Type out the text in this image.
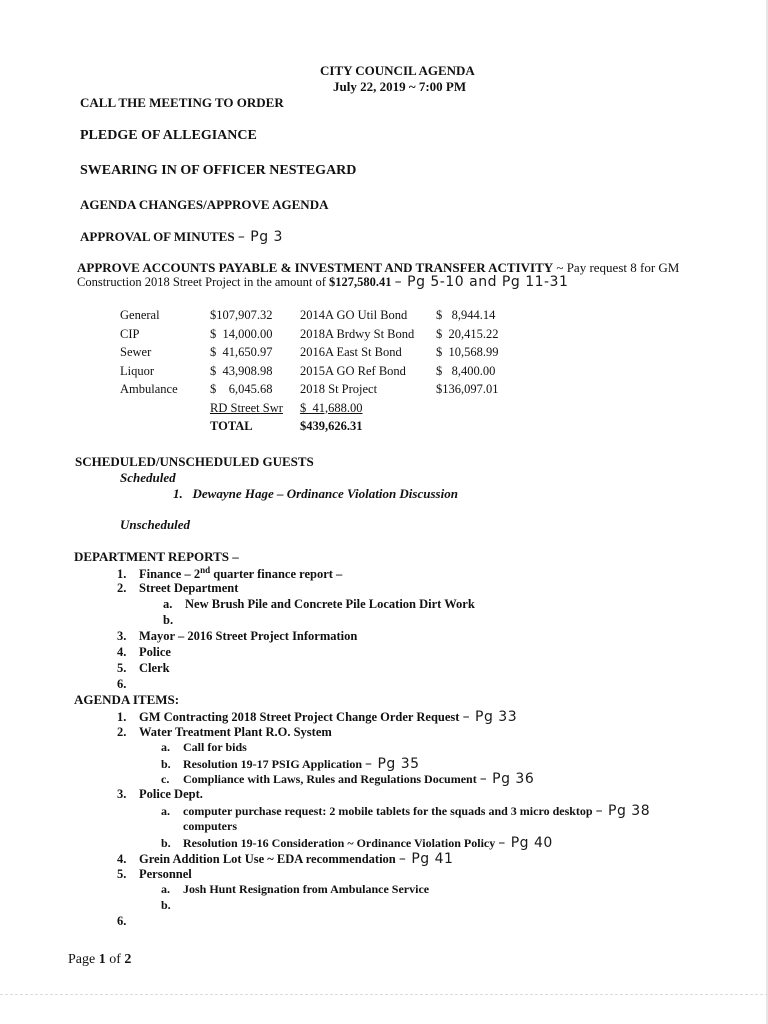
CITY COUNCIL AGENDA
July 22, 2019 ~ 7:00 PM
CALL THE MEETING TO ORDER
PLEDGE OF ALLEGIANCE
SWEARING IN OF OFFICER NESTEGARD
AGENDA CHANGES/APPROVE AGENDA
APPROVAL OF MINUTES – Pg 3
APPROVE ACCOUNTS PAYABLE & INVESTMENT AND TRANSFER ACTIVITY ~ Pay request 8 for GM
Construction 2018 Street Project in the amount of $127,580.41 – Pg 5-10 and Pg 11-31
General	$107,907.32	2014A GO Util Bond	$   8,944.14
CIP	$  14,000.00	2018A Brdwy St Bond	$  20,415.22
Sewer	$  41,650.97	2016A East St Bond	$  10,568.99
Liquor	$  43,908.98	2015A GO Ref Bond	$   8,400.00
Ambulance	$    6,045.68	2018 St Project	$136,097.01
	RD Street Swr	$  41,688.00	
	TOTAL	$439,626.31	
SCHEDULED/UNSCHEDULED GUESTS
Scheduled
1. Dewayne Hage – Ordinance Violation Discussion
Unscheduled
DEPARTMENT REPORTS –
1. Finance – 2nd quarter finance report –
2. Street Department
a. New Brush Pile and Concrete Pile Location Dirt Work
b.
3. Mayor – 2016 Street Project Information
4. Police
5. Clerk
6.
AGENDA ITEMS:
1. GM Contracting 2018 Street Project Change Order Request – Pg 33
2. Water Treatment Plant R.O. System
a. Call for bids
b. Resolution 19-17 PSIG Application – Pg 35
c. Compliance with Laws, Rules and Regulations Document – Pg 36
3. Police Dept.
a. computer purchase request: 2 mobile tablets for the squads and 3 micro desktop – Pg 38
computers
b. Resolution 19-16 Consideration ~ Ordinance Violation Policy – Pg 40
4. Grein Addition Lot Use ~ EDA recommendation – Pg 41
5. Personnel
a. Josh Hunt Resignation from Ambulance Service
b.
6.
Page 1 of 2
